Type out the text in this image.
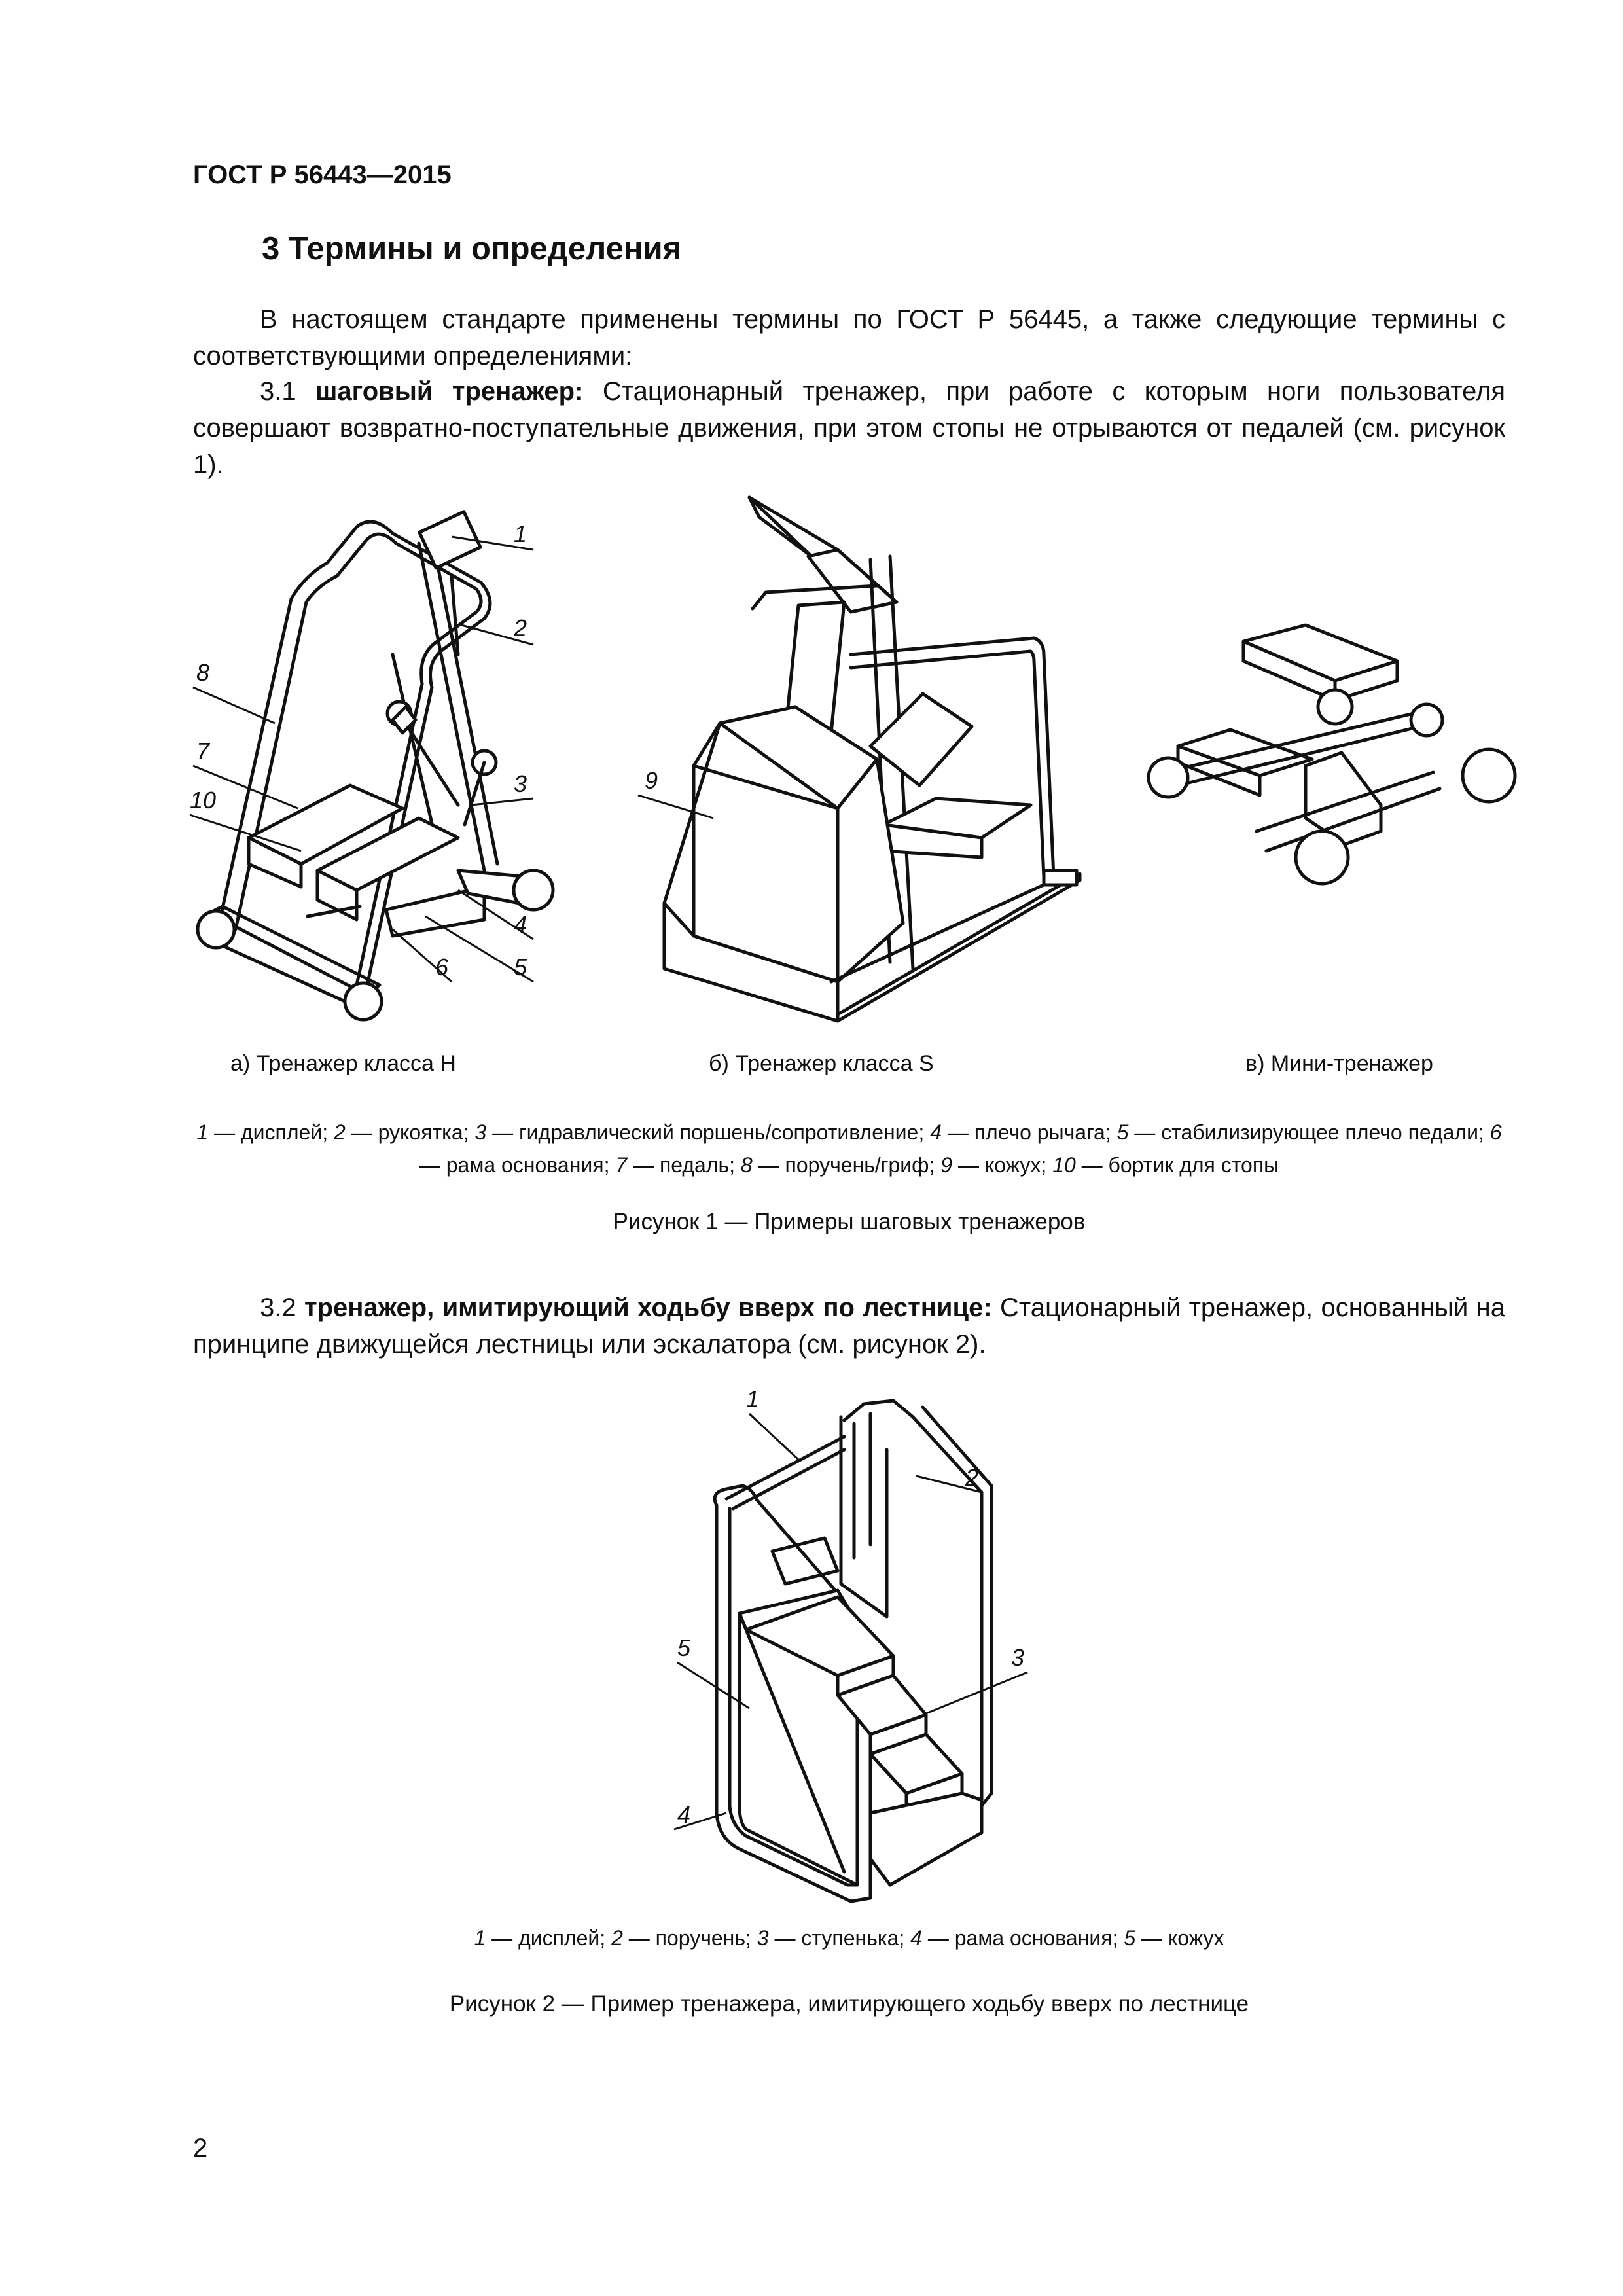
ГОСТ Р 56443—2015

3 Термины и определения

В настоящем стандарте применены термины по ГОСТ Р 56445, а также следующие термины с соответствующими определениями:

3.1 шаговый тренажер: Стационарный тренажер, при работе с которым ноги пользователя совершают возвратно-поступательные движения, при этом стопы не отрываются от педалей (см. рисунок 1).

1
2
8
7
10
3
4
5
6
9

а) Тренажер класса H	б) Тренажер класса S	в) Мини-тренажер

1 — дисплей; 2 — рукоятка; 3 — гидравлический поршень/сопротивление; 4 — плечо рычага; 5 — стабилизирующее плечо педали; 6 — рама основания; 7 — педаль; 8 — поручень/гриф; 9 — кожух; 10 — бортик для стопы

Рисунок 1 — Примеры шаговых тренажеров

3.2 тренажер, имитирующий ходьбу вверх по лестнице: Стационарный тренажер, основанный на принципе движущейся лестницы или эскалатора (см. рисунок 2).

1
2
3
5
4

1 — дисплей; 2 — поручень; 3 — ступенька; 4 — рама основания; 5 — кожух

Рисунок 2 — Пример тренажера, имитирующего ходьбу вверх по лестнице

2
